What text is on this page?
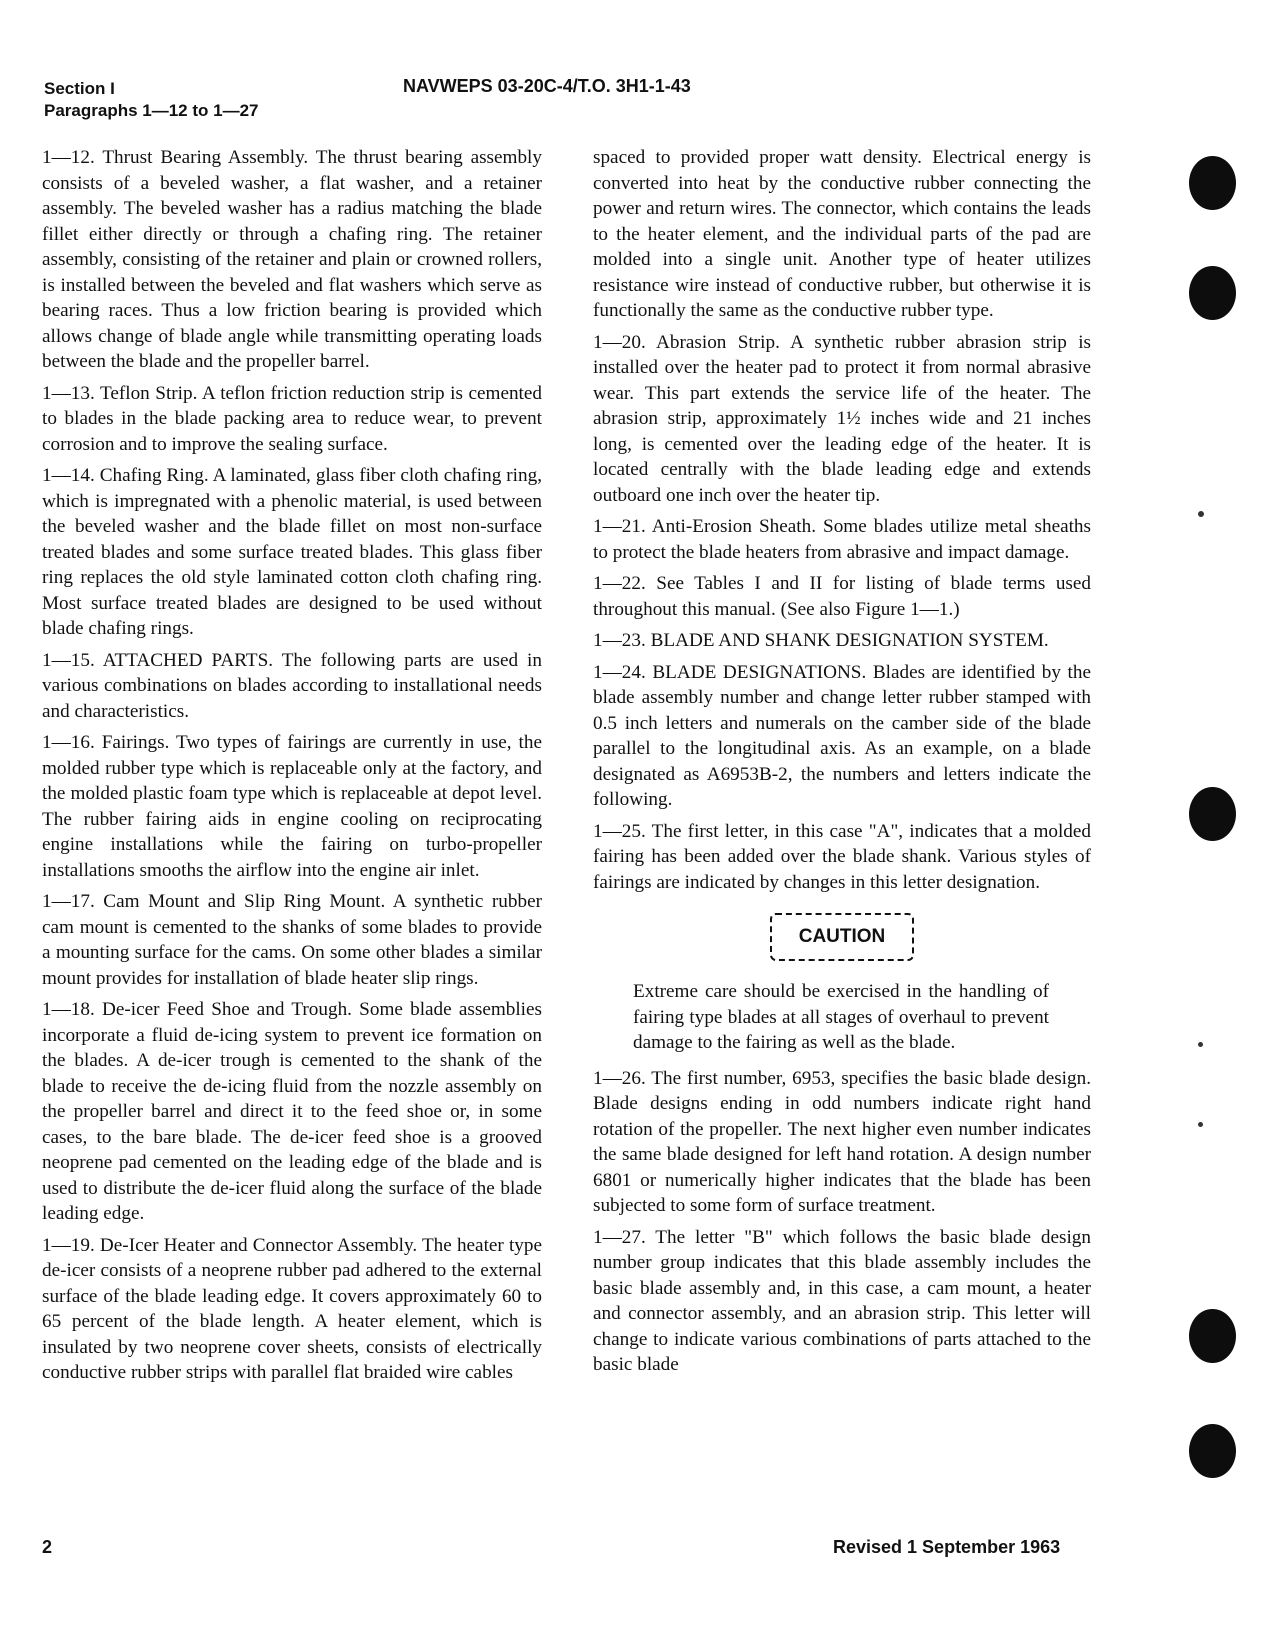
Section I
Paragraphs 1—12 to 1—27
NAVWEPS 03-20C-4/T.O. 3H1-1-43

1—12. Thrust Bearing Assembly. The thrust bearing assembly consists of a beveled washer, a flat washer, and a retainer assembly. The beveled washer has a radius matching the blade fillet either directly or through a chafing ring. The retainer assembly, consisting of the retainer and plain or crowned rollers, is installed between the beveled and flat washers which serve as bearing races. Thus a low friction bearing is provided which allows change of blade angle while transmitting operating loads between the blade and the propeller barrel.

1—13. Teflon Strip. A teflon friction reduction strip is cemented to blades in the blade packing area to reduce wear, to prevent corrosion and to improve the sealing surface.

1—14. Chafing Ring. A laminated, glass fiber cloth chafing ring, which is impregnated with a phenolic material, is used between the beveled washer and the blade fillet on most non-surface treated blades and some surface treated blades. This glass fiber ring replaces the old style laminated cotton cloth chafing ring. Most surface treated blades are designed to be used without blade chafing rings.

1—15. ATTACHED PARTS. The following parts are used in various combinations on blades according to installational needs and characteristics.

1—16. Fairings. Two types of fairings are currently in use, the molded rubber type which is replaceable only at the factory, and the molded plastic foam type which is replaceable at depot level. The rubber fairing aids in engine cooling on reciprocating engine installations while the fairing on turbo-propeller installations smooths the airflow into the engine air inlet.

1—17. Cam Mount and Slip Ring Mount. A synthetic rubber cam mount is cemented to the shanks of some blades to provide a mounting surface for the cams. On some other blades a similar mount provides for installation of blade heater slip rings.

1—18. De-icer Feed Shoe and Trough. Some blade assemblies incorporate a fluid de-icing system to prevent ice formation on the blades. A de-icer trough is cemented to the shank of the blade to receive the de-icing fluid from the nozzle assembly on the propeller barrel and direct it to the feed shoe or, in some cases, to the bare blade. The de-icer feed shoe is a grooved neoprene pad cemented on the leading edge of the blade and is used to distribute the de-icer fluid along the surface of the blade leading edge.

1—19. De-Icer Heater and Connector Assembly. The heater type de-icer consists of a neoprene rubber pad adhered to the external surface of the blade leading edge. It covers approximately 60 to 65 percent of the blade length. A heater element, which is insulated by two neoprene cover sheets, consists of electrically conductive rubber strips with parallel flat braided wire cables

spaced to provided proper watt density. Electrical energy is converted into heat by the conductive rubber connecting the power and return wires. The connector, which contains the leads to the heater element, and the individual parts of the pad are molded into a single unit. Another type of heater utilizes resistance wire instead of conductive rubber, but otherwise it is functionally the same as the conductive rubber type.

1—20. Abrasion Strip. A synthetic rubber abrasion strip is installed over the heater pad to protect it from normal abrasive wear. This part extends the service life of the heater. The abrasion strip, approximately 1½ inches wide and 21 inches long, is cemented over the leading edge of the heater. It is located centrally with the blade leading edge and extends outboard one inch over the heater tip.

1—21. Anti-Erosion Sheath. Some blades utilize metal sheaths to protect the blade heaters from abrasive and impact damage.

1—22. See Tables I and II for listing of blade terms used throughout this manual. (See also Figure 1—1.)

1—23. BLADE AND SHANK DESIGNATION SYSTEM.

1—24. BLADE DESIGNATIONS. Blades are identified by the blade assembly number and change letter rubber stamped with 0.5 inch letters and numerals on the camber side of the blade parallel to the longitudinal axis. As an example, on a blade designated as A6953B-2, the numbers and letters indicate the following.

1—25. The first letter, in this case "A", indicates that a molded fairing has been added over the blade shank. Various styles of fairings are indicated by changes in this letter designation.

CAUTION

Extreme care should be exercised in the handling of fairing type blades at all stages of overhaul to prevent damage to the fairing as well as the blade.

1—26. The first number, 6953, specifies the basic blade design. Blade designs ending in odd numbers indicate right hand rotation of the propeller. The next higher even number indicates the same blade designed for left hand rotation. A design number 6801 or numerically higher indicates that the blade has been subjected to some form of surface treatment.

1—27. The letter "B" which follows the basic blade design number group indicates that this blade assembly includes the basic blade assembly and, in this case, a cam mount, a heater and connector assembly, and an abrasion strip. This letter will change to indicate various combinations of parts attached to the basic blade

2	Revised 1 September 1963
